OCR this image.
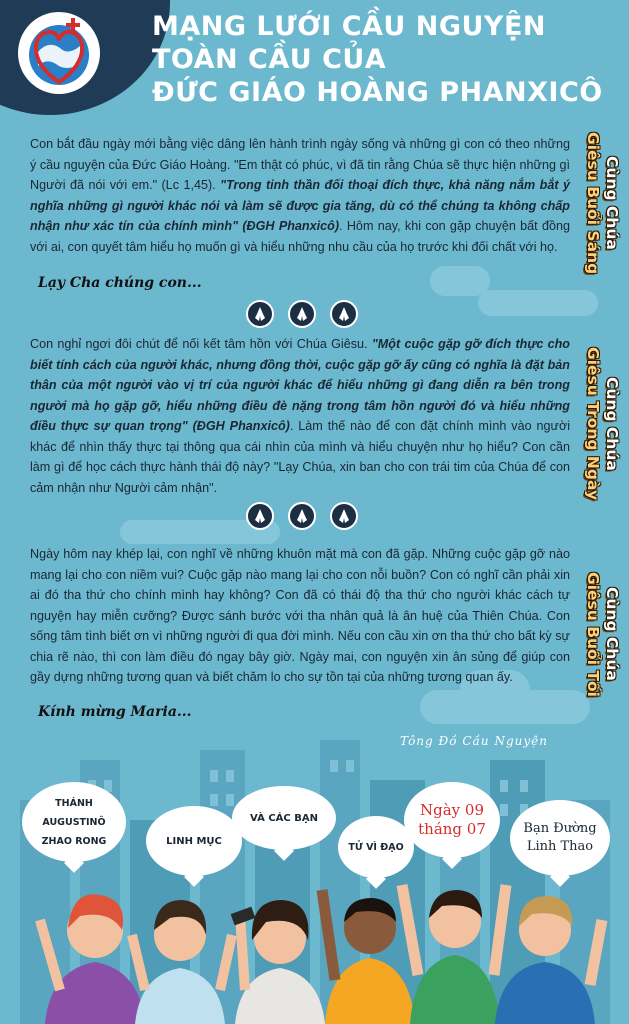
MẠNG LƯỚI CẦU NGUYỆN
TOÀN CẦU CỦA
ĐỨC GIÁO HOÀNG PHANXICÔ
Con bắt đầu ngày mới bằng việc dâng lên hành trình ngày sống và những gì con có theo những ý cầu nguyện của Đức Giáo Hoàng. "Em thật có phúc, vì đã tin rằng Chúa sẽ thực hiện những gì Người đã nói với em." (Lc 1,45). "Trong tinh thần đối thoại đích thực, khả năng nắm bắt ý nghĩa những gì người khác nói và làm sẽ được gia tăng, dù có thể chúng ta không chấp nhận như xác tín của chính mình" (ĐGH Phanxicô). Hôm nay, khi con gặp chuyện bất đồng với ai, con quyết tâm hiểu họ muốn gì và hiểu những nhu cầu của họ trước khi đối chất với họ.
Lạy Cha chúng con...
Cùng Chúa
Giêsu Buổi Sáng
Con nghỉ ngơi đôi chút để nối kết tâm hồn với Chúa Giêsu. "Một cuộc gặp gỡ đích thực cho biết tính cách của người khác, nhưng đồng thời, cuộc gặp gỡ ấy cũng có nghĩa là đặt bản thân của một người vào vị trí của người khác để hiểu những gì đang diễn ra bên trong người mà họ gặp gỡ, hiểu những điều đè nặng trong tâm hồn người đó và hiểu những điều thực sự quan trọng" (ĐGH Phanxicô). Làm thế nào để con đặt chính mình vào người khác để nhìn thấy thực tại thông qua cái nhìn của mình và hiểu chuyện như họ hiểu? Con cần làm gì để học cách thực hành thái độ này? "Lạy Chúa, xin ban cho con trái tim của Chúa để con cảm nhận như Người cảm nhận".
Cùng Chúa
Giêsu Trong Ngày
Ngày hôm nay khép lại, con nghĩ về những khuôn mặt mà con đã gặp. Những cuộc gặp gỡ nào mang lại cho con niềm vui? Cuộc gặp nào mang lại cho con nỗi buồn? Con có nghĩ cần phải xin ai đó tha thứ cho chính mình hay không? Con đã có thái độ tha thứ cho người khác cách tự nguyện hay miễn cưỡng? Được sánh bước với tha nhân quả là ân huệ của Thiên Chúa. Con sống tâm tình biết ơn vì những người đi qua đời mình. Nếu con cầu xin ơn tha thứ cho bất kỳ sự chia rẽ nào, thì con làm điều đó ngay bây giờ. Ngày mai, con nguyện xin ân sủng để giúp con gầy dựng những tương quan và biết chăm lo cho sự tồn tại của những tương quan ấy.
Kính mừng Maria...
Cùng Chúa
Giêsu Buổi Tối
Tông Đồ Cầu Nguyện
THÁNH AUGUSTINÔ ZHAO RONG	LINH MỤC
VÀ CÁC BẠN
TỬ VÌ ĐẠO
Ngày 09
tháng 07	Bạn Đường
Linh Thao
